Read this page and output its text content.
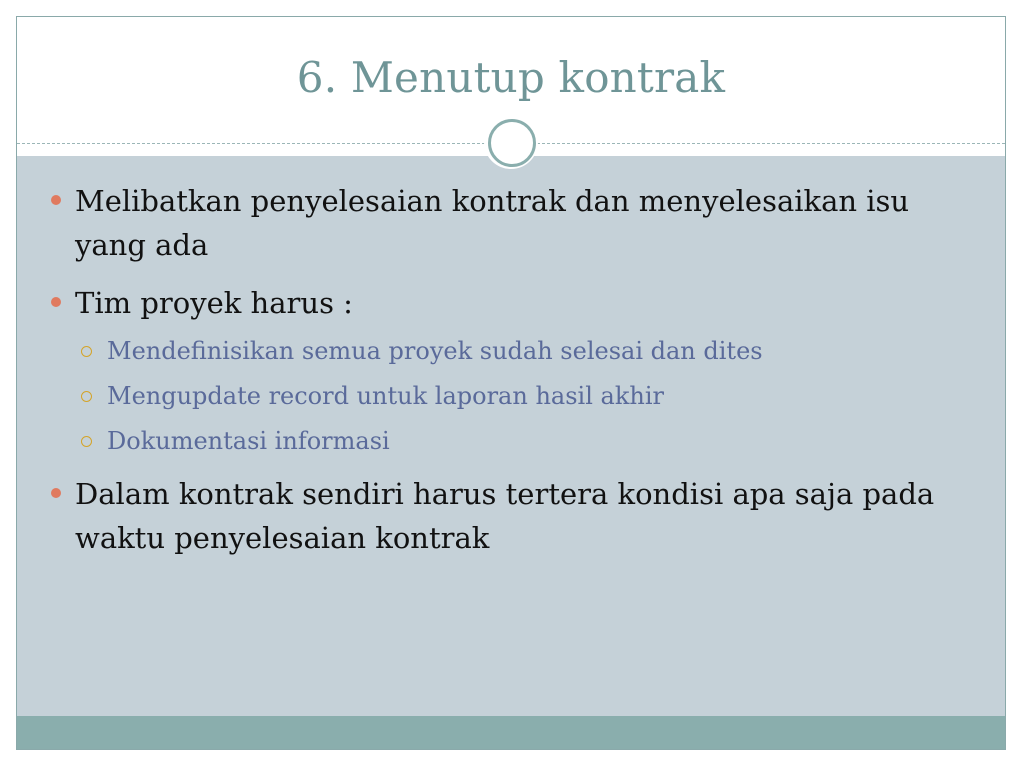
6. Menutup kontrak
Melibatkan penyelesaian kontrak dan menyelesaikan isu yang ada
Tim proyek harus :
Mendefinisikan semua proyek sudah selesai dan dites
Mengupdate record untuk laporan hasil akhir
Dokumentasi informasi
Dalam kontrak sendiri harus tertera kondisi apa saja pada waktu penyelesaian kontrak
